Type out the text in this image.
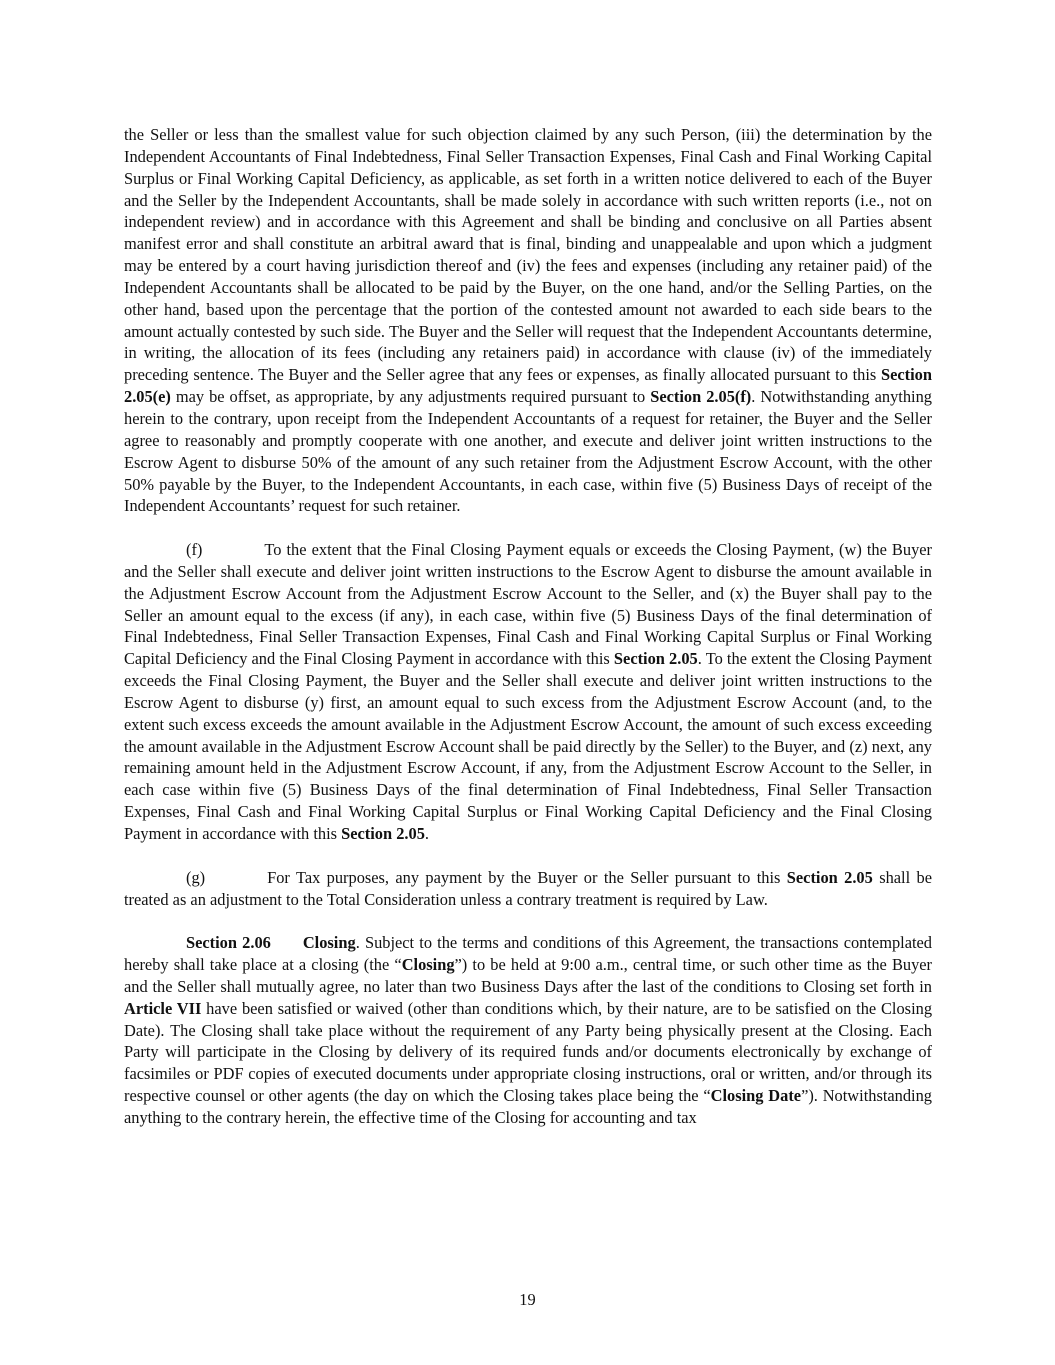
the Seller or less than the smallest value for such objection claimed by any such Person, (iii) the determination by the Independent Accountants of Final Indebtedness, Final Seller Transaction Expenses, Final Cash and Final Working Capital Surplus or Final Working Capital Deficiency, as applicable, as set forth in a written notice delivered to each of the Buyer and the Seller by the Independent Accountants, shall be made solely in accordance with such written reports (i.e., not on independent review) and in accordance with this Agreement and shall be binding and conclusive on all Parties absent manifest error and shall constitute an arbitral award that is final, binding and unappealable and upon which a judgment may be entered by a court having jurisdiction thereof and (iv) the fees and expenses (including any retainer paid) of the Independent Accountants shall be allocated to be paid by the Buyer, on the one hand, and/or the Selling Parties, on the other hand, based upon the percentage that the portion of the contested amount not awarded to each side bears to the amount actually contested by such side. The Buyer and the Seller will request that the Independent Accountants determine, in writing, the allocation of its fees (including any retainers paid) in accordance with clause (iv) of the immediately preceding sentence. The Buyer and the Seller agree that any fees or expenses, as finally allocated pursuant to this Section 2.05(e) may be offset, as appropriate, by any adjustments required pursuant to Section 2.05(f). Notwithstanding anything herein to the contrary, upon receipt from the Independent Accountants of a request for retainer, the Buyer and the Seller agree to reasonably and promptly cooperate with one another, and execute and deliver joint written instructions to the Escrow Agent to disburse 50% of the amount of any such retainer from the Adjustment Escrow Account, with the other 50% payable by the Buyer, to the Independent Accountants, in each case, within five (5) Business Days of receipt of the Independent Accountants’ request for such retainer.

(f)	To the extent that the Final Closing Payment equals or exceeds the Closing Payment, (w) the Buyer and the Seller shall execute and deliver joint written instructions to the Escrow Agent to disburse the amount available in the Adjustment Escrow Account from the Adjustment Escrow Account to the Seller, and (x) the Buyer shall pay to the Seller an amount equal to the excess (if any), in each case, within five (5) Business Days of the final determination of Final Indebtedness, Final Seller Transaction Expenses, Final Cash and Final Working Capital Surplus or Final Working Capital Deficiency and the Final Closing Payment in accordance with this Section 2.05. To the extent the Closing Payment exceeds the Final Closing Payment, the Buyer and the Seller shall execute and deliver joint written instructions to the Escrow Agent to disburse (y) first, an amount equal to such excess from the Adjustment Escrow Account (and, to the extent such excess exceeds the amount available in the Adjustment Escrow Account, the amount of such excess exceeding the amount available in the Adjustment Escrow Account shall be paid directly by the Seller) to the Buyer, and (z) next, any remaining amount held in the Adjustment Escrow Account, if any, from the Adjustment Escrow Account to the Seller, in each case within five (5) Business Days of the final determination of Final Indebtedness, Final Seller Transaction Expenses, Final Cash and Final Working Capital Surplus or Final Working Capital Deficiency and the Final Closing Payment in accordance with this Section 2.05.

(g)	For Tax purposes, any payment by the Buyer or the Seller pursuant to this Section 2.05 shall be treated as an adjustment to the Total Consideration unless a contrary treatment is required by Law.

Section 2.06 Closing. Subject to the terms and conditions of this Agreement, the transactions contemplated hereby shall take place at a closing (the “Closing”) to be held at 9:00 a.m., central time, or such other time as the Buyer and the Seller shall mutually agree, no later than two Business Days after the last of the conditions to Closing set forth in Article VII have been satisfied or waived (other than conditions which, by their nature, are to be satisfied on the Closing Date). The Closing shall take place without the requirement of any Party being physically present at the Closing. Each Party will participate in the Closing by delivery of its required funds and/or documents electronically by exchange of facsimiles or PDF copies of executed documents under appropriate closing instructions, oral or written, and/or through its respective counsel or other agents (the day on which the Closing takes place being the “Closing Date”). Notwithstanding anything to the contrary herein, the effective time of the Closing for accounting and tax

19
